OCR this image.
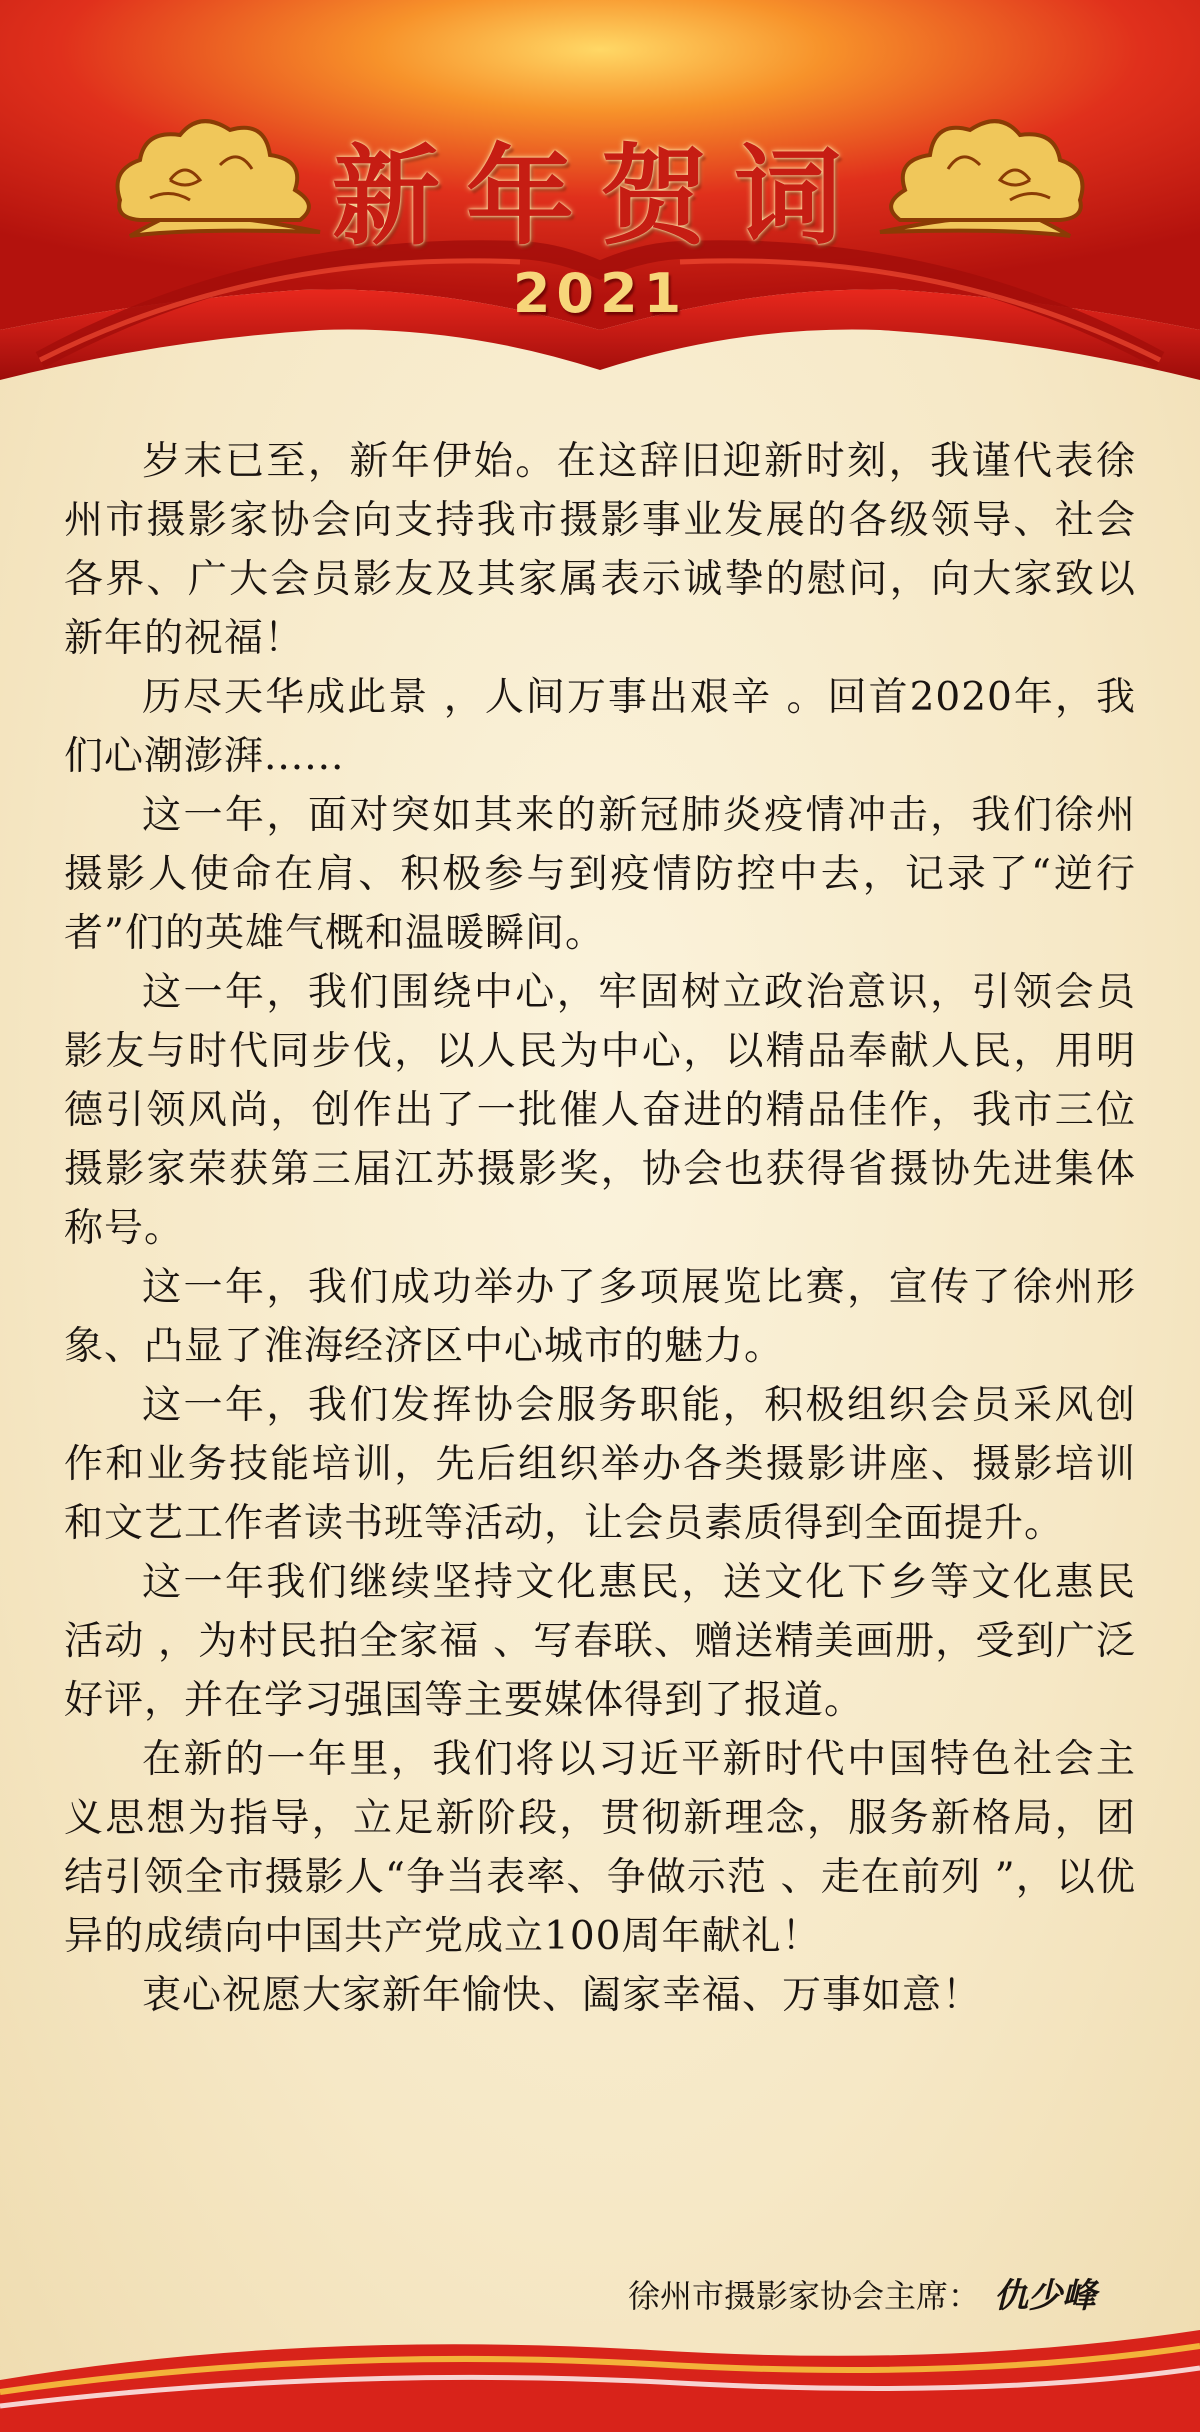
新年贺词
2021

岁末已至，新年伊始。在这辞旧迎新时刻，我谨代表徐州市摄影家协会向支持我市摄影事业发展的各级领导、社会各界、广大会员影友及其家属表示诚挚的慰问，向大家致以新年的祝福！

历尽天华成此景 ，人间万事出艰辛 。回首2020年，我们心潮澎湃......

这一年，面对突如其来的新冠肺炎疫情冲击，我们徐州摄影人使命在肩、积极参与到疫情防控中去，记录了“逆行者”们的英雄气概和温暖瞬间。

这一年，我们围绕中心，牢固树立政治意识，引领会员影友与时代同步伐，以人民为中心，以精品奉献人民，用明德引领风尚，创作出了一批催人奋进的精品佳作，我市三位摄影家荣获第三届江苏摄影奖，协会也获得省摄协先进集体称号。

这一年，我们成功举办了多项展览比赛，宣传了徐州形象、凸显了淮海经济区中心城市的魅力。

这一年，我们发挥协会服务职能，积极组织会员采风创作和业务技能培训，先后组织举办各类摄影讲座、摄影培训和文艺工作者读书班等活动，让会员素质得到全面提升。

这一年我们继续坚持文化惠民，送文化下乡等文化惠民活动 ，为村民拍全家福 、写春联、赠送精美画册，受到广泛好评，并在学习强国等主要媒体得到了报道。

在新的一年里，我们将以习近平新时代中国特色社会主义思想为指导，立足新阶段，贯彻新理念，服务新格局，团结引领全市摄影人“争当表率、争做示范 、走在前列 ”，以优异的成绩向中国共产党成立100周年献礼！

衷心祝愿大家新年愉快、阖家幸福、万事如意！

徐州市摄影家协会主席： 仇少峰
